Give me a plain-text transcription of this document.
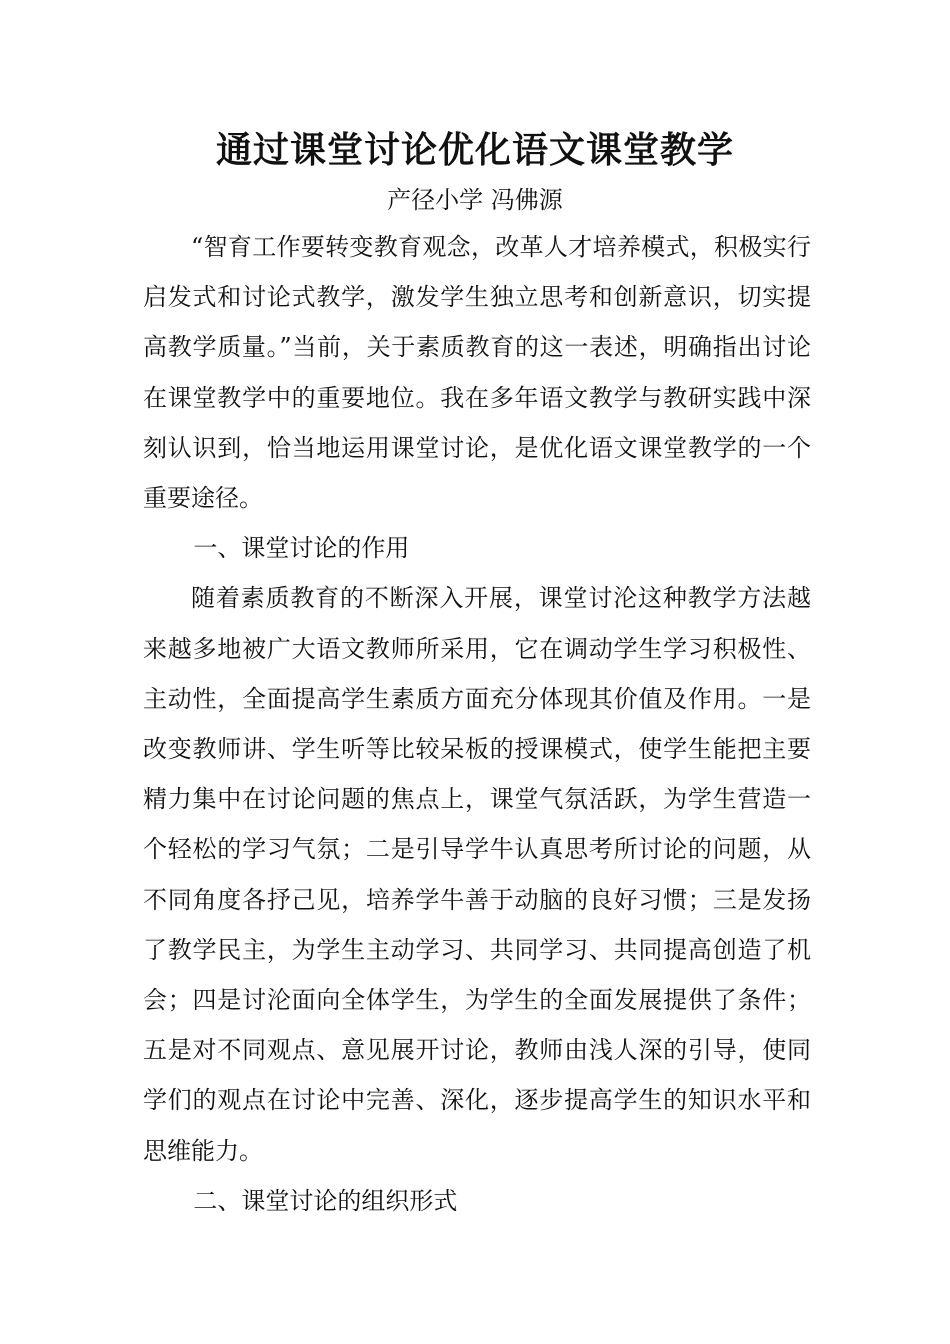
通过课堂讨论优化语文课堂教学
产径小学 冯佛源

“智育工作要转变教育观念，改革人才培养模式，积极实行启发式和讨论式教学，激发学生独立思考和创新意识，切实提高教学质量。”当前，关于素质教育的这一表述，明确指出讨论在课堂教学中的重要地位。我在多年语文教学与教研实践中深刻认识到，恰当地运用课堂讨论，是优化语文课堂教学的一个重要途径。

一、课堂讨论的作用

随着素质教育的不断深入开展，课堂讨沦这种教学方法越来越多地被广大语文教师所采用，它在调动学生学习积极性、主动性，全面提高学生素质方面充分体现其价值及作用。一是改变教师讲、学生听等比较呆板的授课模式，使学生能把主要精力集中在讨论问题的焦点上，课堂气氛活跃，为学生营造一个轻松的学习气氛；二是引导学牛认真思考所讨论的问题，从不同角度各抒己见，培养学牛善于动脑的良好习惯；三是发扬了教学民主，为学生主动学习、共同学习、共同提高创造了机会；四是讨沦面向全体学生，为学生的全面发展提供了条件；五是对不同观点、意见展开讨论，教师由浅人深的引导，使同学们的观点在讨论中完善、深化，逐步提高学生的知识水平和思维能力。

二、课堂讨论的组织形式
